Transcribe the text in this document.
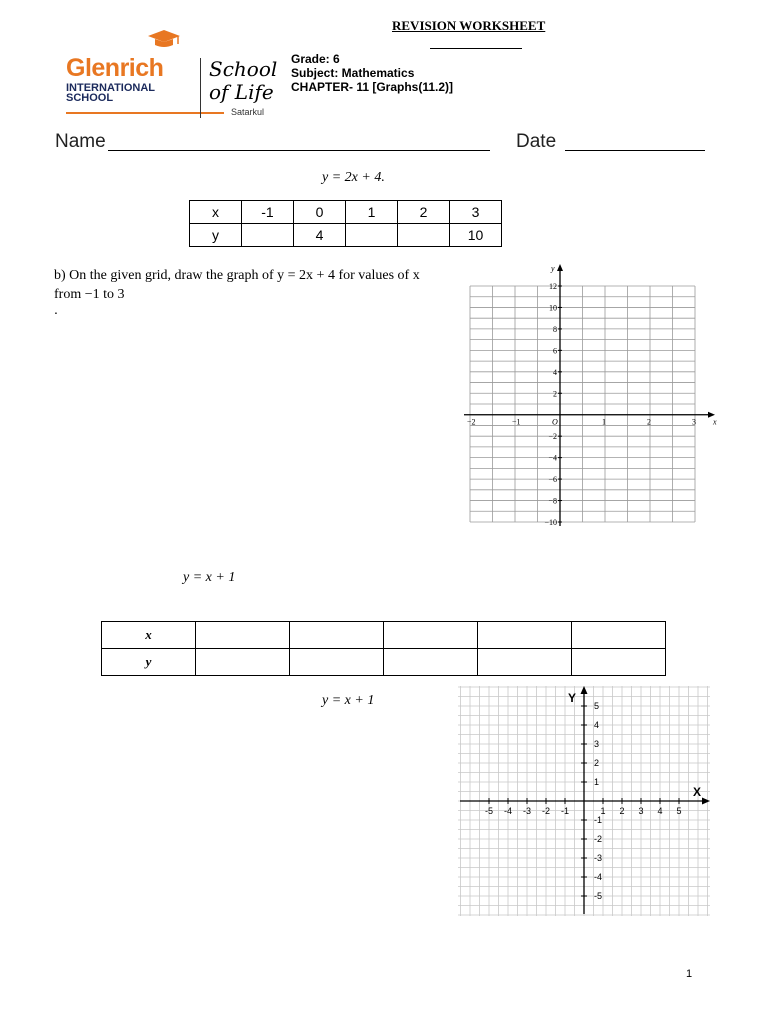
REVISION WORKSHEET
Glenrich
INTERNATIONAL
SCHOOL
School
of Life
Satarkul
Grade: 6
Subject: Mathematics
CHAPTER- 11 [Graphs(11.2)]
Name	Date
y = 2x + 4.
x	-1	0	1	2	3
y		4			10
b) On the given grid, draw the graph of y = 2x + 4 for values of x from −1 to 3
.
−2	−1	1	2	3
12
10
8
6
4
2
−2
−4
−6
−8
−10
O	x
y
y = x + 1
x					
y					
y = x + 1
-5 -4 -3 -2 -1	1 2 3 4 5
5
4
3
2
1
-1
-2
-3
-4
-5
X
Y
1
